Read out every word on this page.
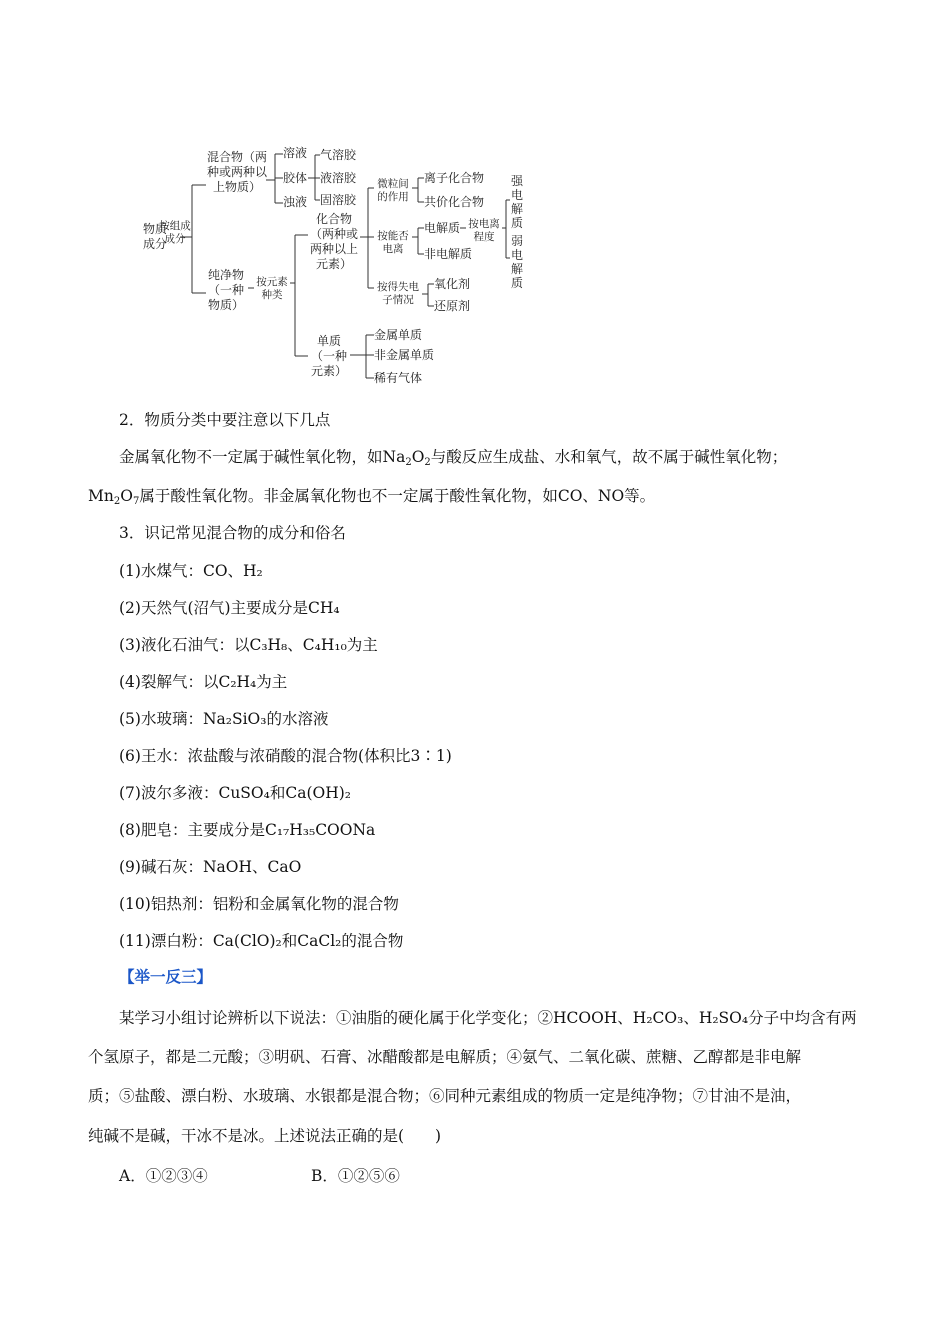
物质成分
按组成成分
混合物（两种或两种以上物质）
溶液
胶体
浊液
气溶胶
液溶胶
固溶胶
纯净物（一种物质）
按元素种类
化合物（两种或两种以上元素）
微粒间的作用
离子化合物
共价化合物
按能否电离
电解质
非电解质
按电离程度
强电解质
弱电解质
按得失电子情况
氧化剂
还原剂
单质（一种元素）
金属单质
非金属单质
稀有气体
2．物质分类中要注意以下几点
金属氧化物不一定属于碱性氧化物，如$Na_2O_2$与酸反应生成盐、水和氧气，故不属于碱性氧化物；
$Mn_2O_7$属于酸性氧化物。非金属氧化物也不一定属于酸性氧化物，如CO、NO等。
3．识记常见混合物的成分和俗名
(1)水煤气：CO、H₂
(2)天然气(沼气)主要成分是CH₄
(3)液化石油气：以C₃H₈、C₄H₁₀为主
(4)裂解气：以C₂H₄为主
(5)水玻璃：Na₂SiO₃的水溶液
(6)王水：浓盐酸与浓硝酸的混合物(体积比3∶1)
(7)波尔多液：CuSO₄和Ca(OH)₂
(8)肥皂：主要成分是C₁₇H₃₅COONa
(9)碱石灰：NaOH、CaO
(10)铝热剂：铝粉和金属氧化物的混合物
(11)漂白粉：Ca(ClO)₂和CaCl₂的混合物
【举一反三】
某学习小组讨论辨析以下说法：①油脂的硬化属于化学变化；②HCOOH、H₂CO₃、H₂SO₄分子中均含有两
个氢原子，都是二元酸；③明矾、石膏、冰醋酸都是电解质；④氨气、二氧化碳、蔗糖、乙醇都是非电解
质；⑤盐酸、漂白粉、水玻璃、水银都是混合物；⑥同种元素组成的物质一定是纯净物；⑦甘油不是油，
纯碱不是碱，干冰不是冰。上述说法正确的是(　　)
A．①②③④	B．①②⑤⑥
